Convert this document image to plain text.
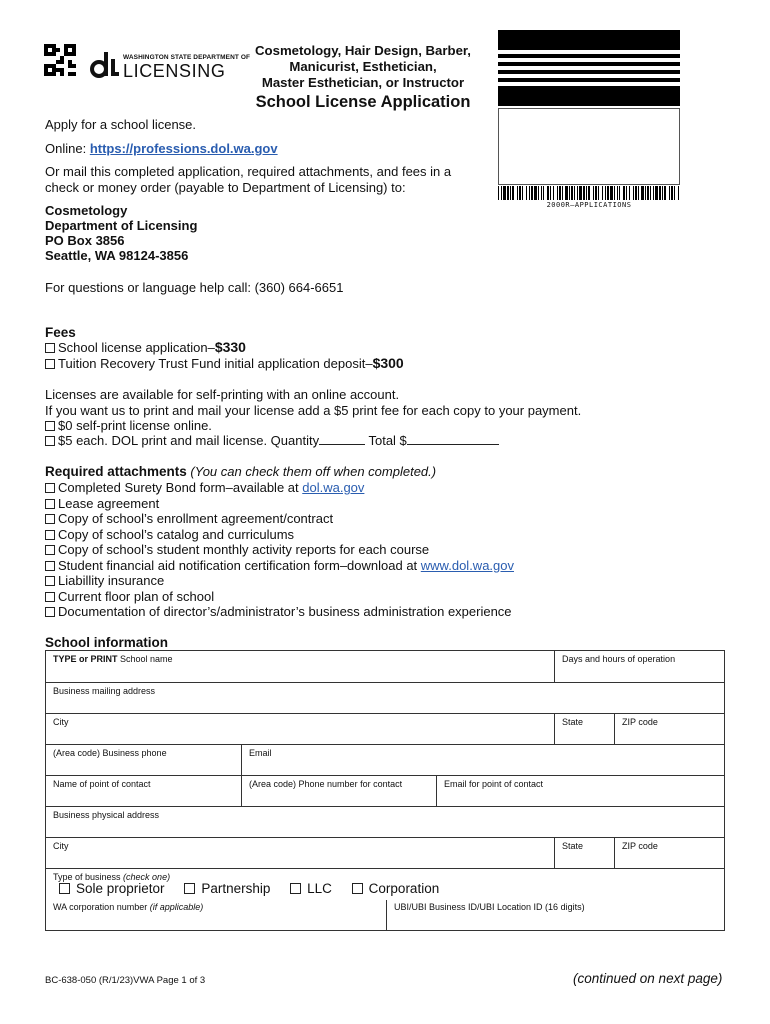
WASHINGTON STATE DEPARTMENT OF
LICENSING
Cosmetology, Hair Design, Barber,
Manicurist, Esthetician,
Master Esthetician, or Instructor
School License Application
2000R–APPLICATIONS
Apply for a school license.
Online: https://professions.dol.wa.gov
Or mail this completed application, required attachments, and fees in a
check or money order (payable to Department of Licensing) to:
Cosmetology
Department of Licensing
PO Box 3856
Seattle, WA 98124-3856
For questions or language help call: (360) 664-6651
Fees
School license application–$330
Tuition Recovery Trust Fund initial application deposit–$300
Licenses are available for self-printing with an online account.
If you want us to print and mail your license add a $5 print fee for each copy to your payment.
$0 self-print license online.
$5 each. DOL print and mail license. Quantity	Total $
Required attachments (You can check them off when completed.)
Completed Surety Bond form–available at dol.wa.gov
Lease agreement
Copy of school’s enrollment agreement/contract
Copy of school’s catalog and curriculums
Copy of school’s student monthly activity reports for each course
Student financial aid notification certification form–download at www.dol.wa.gov
Liabillity insurance
Current floor plan of school
Documentation of director’s/administrator’s business administration experience
School information
TYPE or PRINT School name	Days and hours of operation
Business mailing address
City	State	ZIP code
(Area code) Business phone	Email
Name of point of contact	(Area code) Phone number for contact	Email for point of contact
Business physical address
City	State	ZIP code
Type of business (check one)
Sole proprietor	Partnership	LLC	Corporation
WA corporation number (if applicable)	UBI/UBI Business ID/UBI Location ID (16 digits)
BC-638-050 (R/1/23)VWA Page 1 of 3	(continued on next page)
